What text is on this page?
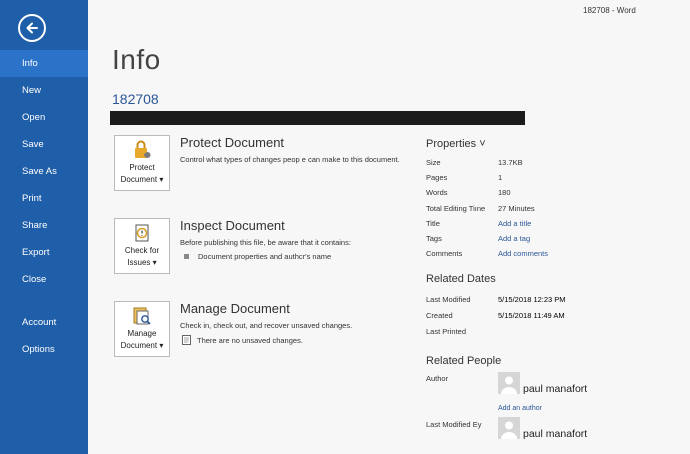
Info
New
Open
Save
Save As
Print
Share
Export
Close
Account
Options
Info
182708
Protect
Document ▾
Protect Document
Control what types of changes peop e can make to this document.
Check for
Issues ▾
Inspect Document
Before publishing this file, be aware that it contains:
Document properties and authcr's name
Manage
Document ▾
Manage Document
Check in, check out, and recover unsaved changes.
There are no unsaved changes.
182708 - Word
Properties ˅
Size	13.7KB
Pages	1
Words	180
Total Editing Tiıne	27 Minutes
Title	Add a title
Tags	Add a tag
Comments	Add comments
Related Dates
Last Modified	5/15/2018 12:23 PM
Created	5/15/2018 11:49 AM
Last Printed
Related People
Author
paul manafort
Add an author
Last Modified Ey
paul manafort
